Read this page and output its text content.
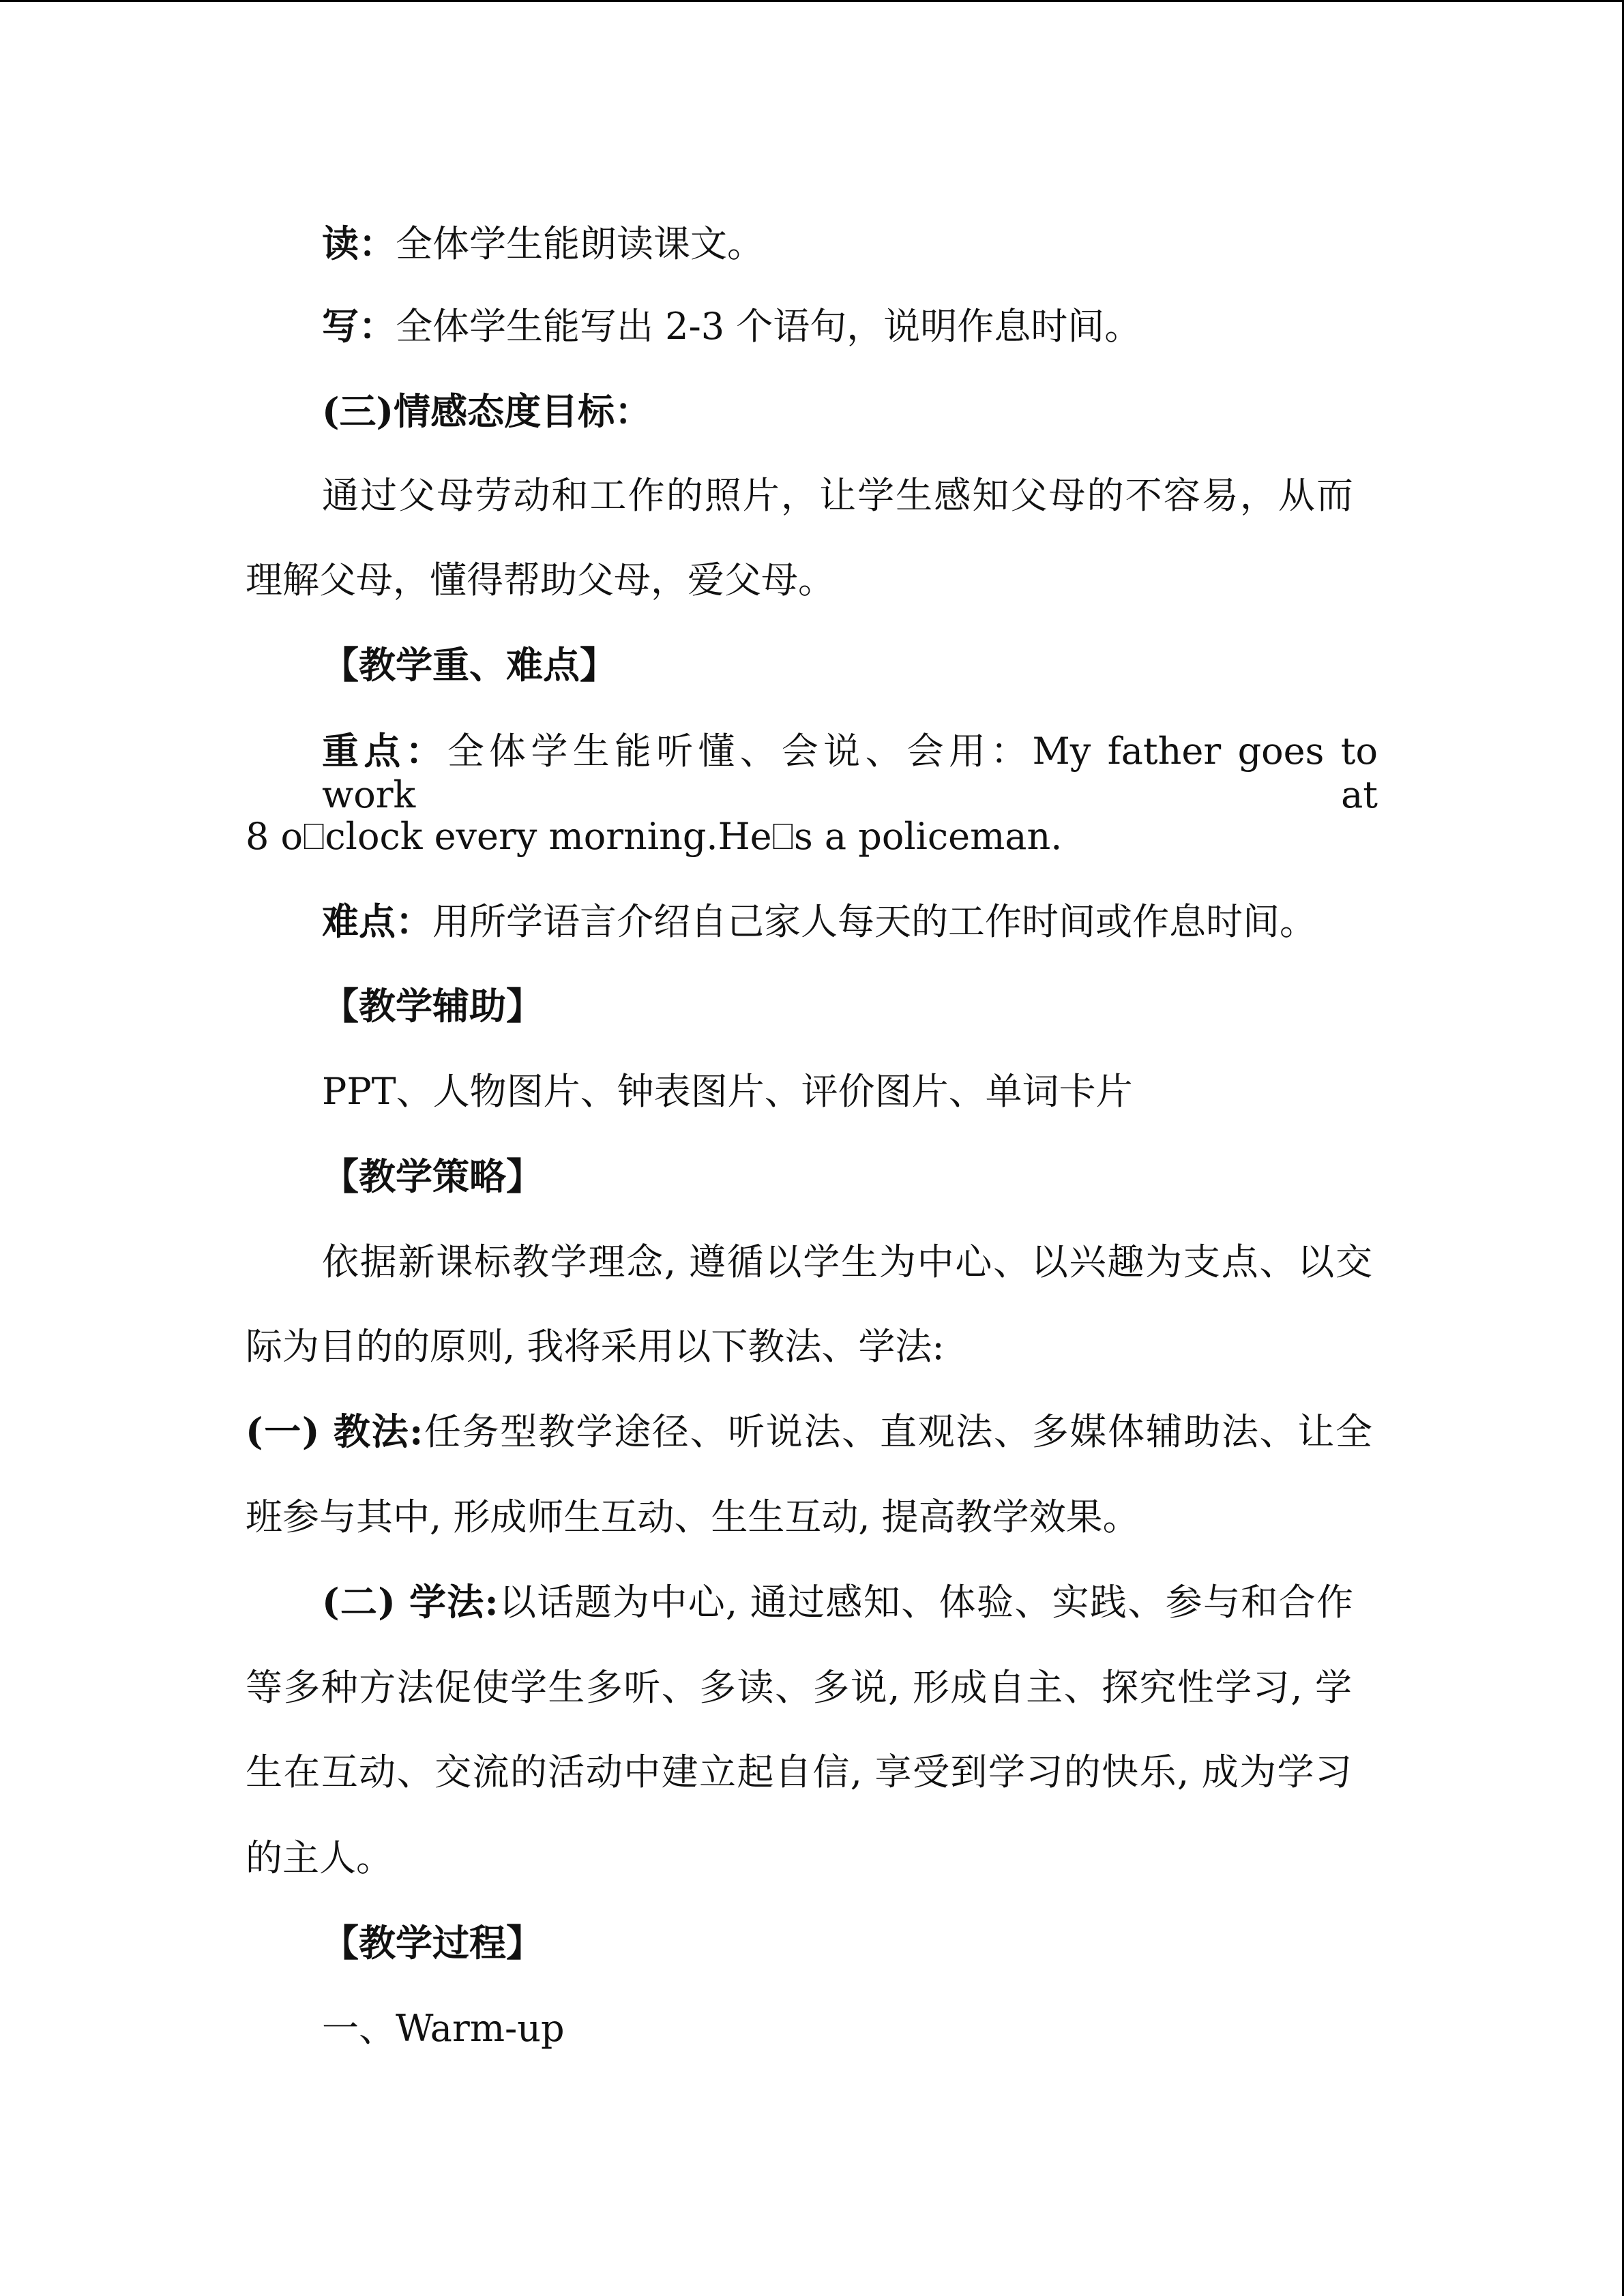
读：全体学生能朗读课文。
写：全体学生能写出 2-3 个语句，说明作息时间。
(三)情感态度目标：
通过父母劳动和工作的照片，让学生感知父母的不容易，从而
理解父母，懂得帮助父母，爱父母。
【教学重、难点】
重点：全体学生能听懂、会说、会用：My father goes to work at
8 o⎕clock every morning.He⎕s a policeman.
难点：用所学语言介绍自己家人每天的工作时间或作息时间。
【教学辅助】
PPT、人物图片、钟表图片、评价图片、单词卡片
【教学策略】
依据新课标教学理念, 遵循以学生为中心、以兴趣为支点、以交
际为目的的原则, 我将采用以下教法、学法:
(一) 教法:任务型教学途径、听说法、直观法、多媒体辅助法、让全
班参与其中, 形成师生互动、生生互动, 提高教学效果。
(二) 学法:以话题为中心, 通过感知、体验、实践、参与和合作
等多种方法促使学生多听、多读、多说, 形成自主、探究性学习, 学
生在互动、交流的活动中建立起自信, 享受到学习的快乐, 成为学习
的主人。
【教学过程】
一、Warm-up
